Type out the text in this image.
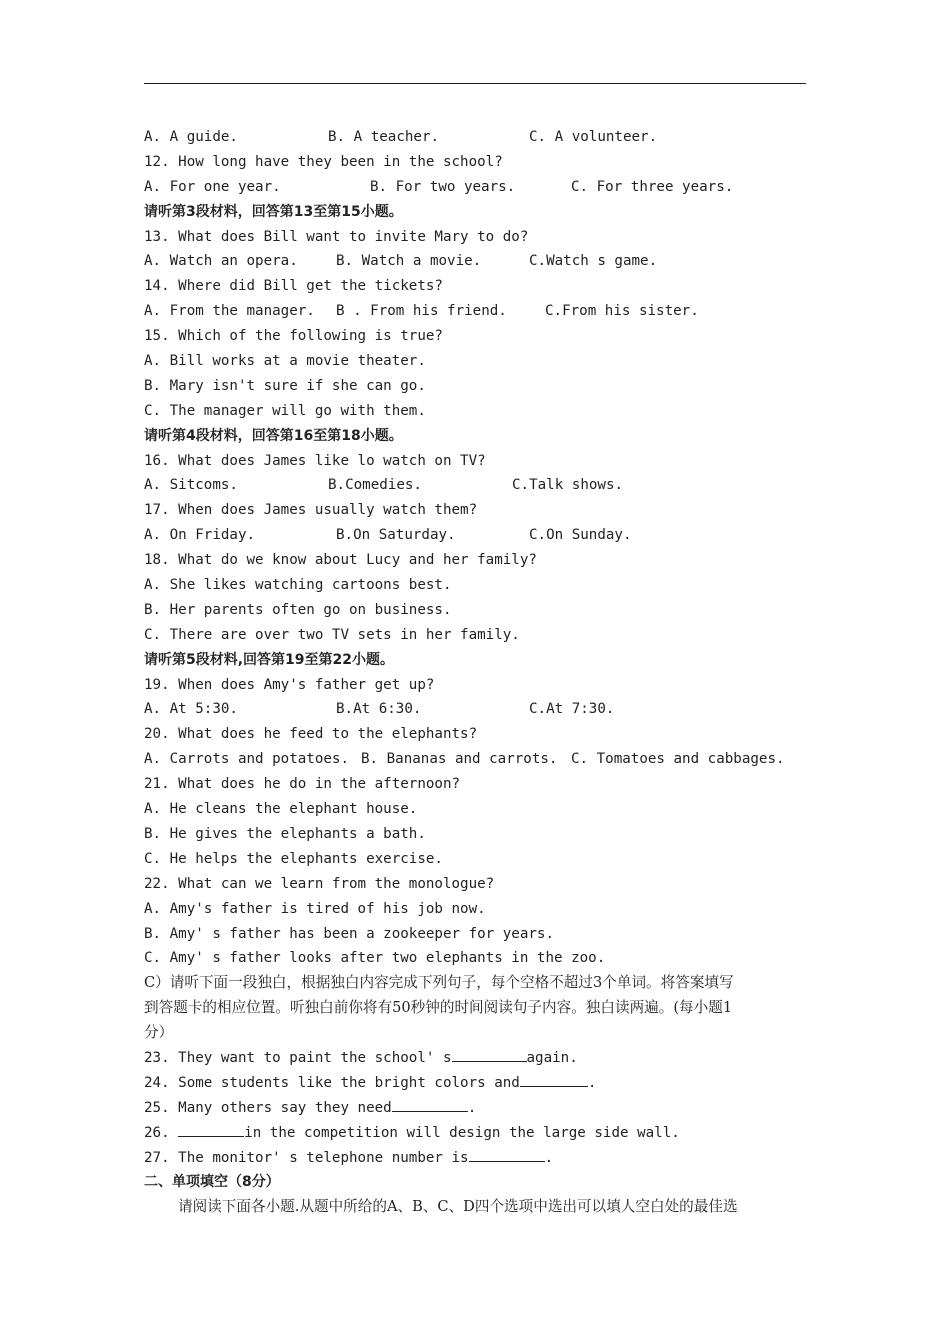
A. A guide.

	B. A teacher.

	C. A volunteer.

12. How long have they been in the school?

A. For one year.

	B. For two years.

	C. For three years.

请听第3段材料，回答第13至第15小题。
13. What does Bill want to invite Mary to do?

A. Watch an opera.

	B. Watch a movie.

	C.Watch s game.

14. Where did Bill get the tickets?

A. From the manager.

B . From his friend.

	C.From his sister.

15. Which of the following is true?
A. Bill works at a movie theater.
B. Mary isn't sure if she can go.
C. The manager will go with them.
请听第4段材料，回答第16至第18小题。
16. What does James like lo watch on TV?

A. Sitcoms.

	B.Comedies.

	C.Talk shows.

17. When does James usually watch them?

A. On Friday.

	B.On Saturday.

	C.On Sunday.

18. What do we know about Lucy and her family?
A. She likes watching cartoons best.
B. Her parents often go on business.
C. There are over two TV sets in her family.
请听第5段材料,回答第19至第22小题。
19. When does Amy's father get up?

A. At 5:30.

	B.At 6:30.

	C.At 7:30.

20. What does he feed to the elephants?

A. Carrots and potatoes.

B. Bananas and carrots.

C. Tomatoes and cabbages.

21. What does he do in the afternoon?
A. He cleans the elephant house.
B. He gives the elephants a bath.
C. He helps the elephants exercise.
22. What can we learn from the monologue?
A. Amy's father is tired of his job now.
B. Amy' s father has been a zookeeper for years.
C. Amy' s father looks after two elephants in the zoo.
C）请听下面一段独白，根据独白内容完成下列句子，每个空格不超过3个单词。将答案填写
到答题卡的相应位置。听独白前你将有50秒钟的时间阅读句子内容。独白读两遍。(每小题1
分）
23. They want to paint the school' s	again.
24. Some students like the bright colors and	.
25. Many others say they need	.
26.	in the competition will design the large side wall.
27. The monitor' s telephone number is	.
二、单项填空（8分）
请阅读下面各小题.从题中所给的A、B、C、D四个选项中选出可以填人空白处的最佳选
